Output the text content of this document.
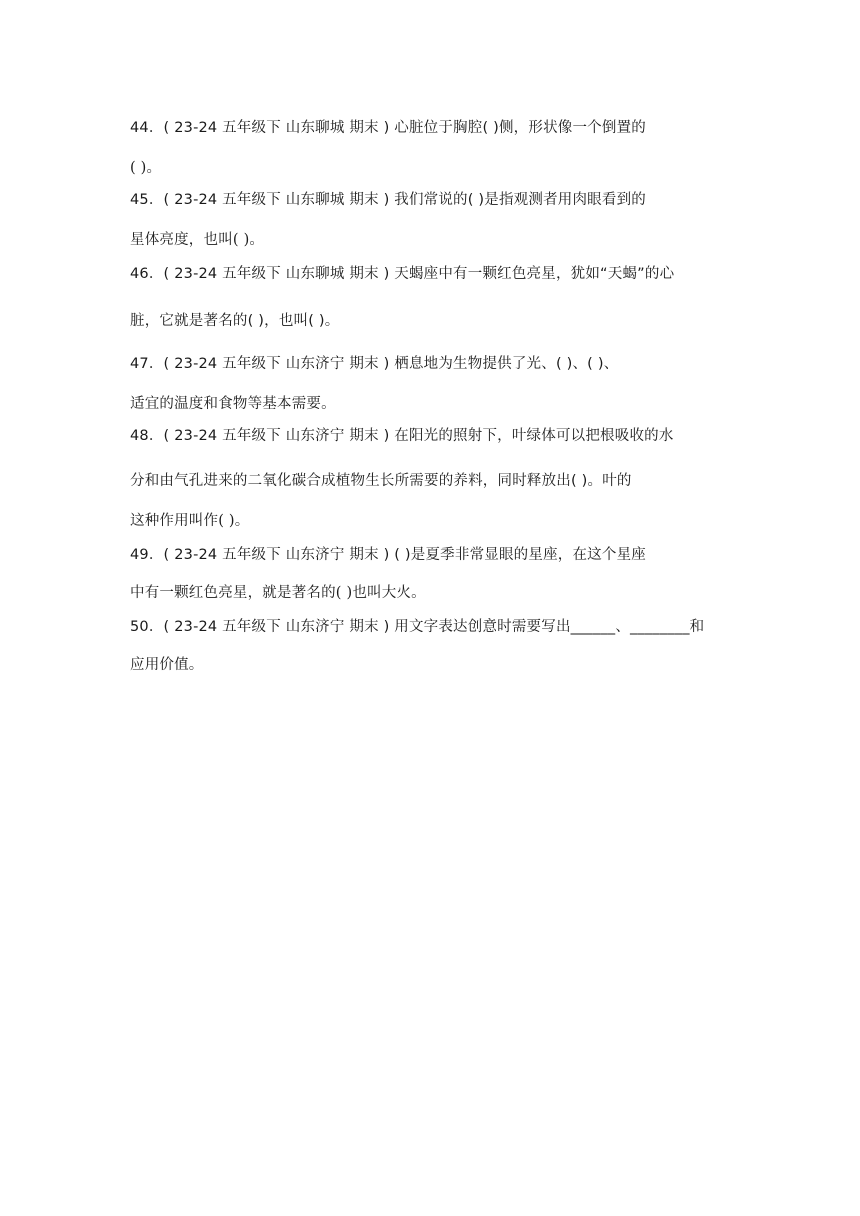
44．( 23-24 五年级下 山东聊城 期末 ) 心脏位于胸腔( )侧，形状像一个倒置的
( )。
45．( 23-24 五年级下 山东聊城 期末 ) 我们常说的( )是指观测者用肉眼看到的
星体亮度，也叫( )。
46．( 23-24 五年级下 山东聊城 期末 ) 天蝎座中有一颗红色亮星，犹如“天蝎”的心
脏，它就是著名的( )，也叫( )。
47．( 23-24 五年级下 山东济宁 期末 ) 栖息地为生物提供了光、( )、( )、
适宜的温度和食物等基本需要。
48．( 23-24 五年级下 山东济宁 期末 ) 在阳光的照射下，叶绿体可以把根吸收的水
分和由气孔进来的二氧化碳合成植物生长所需要的养料，同时释放出( )。叶的
这种作用叫作( )。
49．( 23-24 五年级下 山东济宁 期末 ) ( )是夏季非常显眼的星座，在这个星座
中有一颗红色亮星，就是著名的( )也叫大火。
50．( 23-24 五年级下 山东济宁 期末 ) 用文字表达创意时需要写出______、________和
应用价值。
